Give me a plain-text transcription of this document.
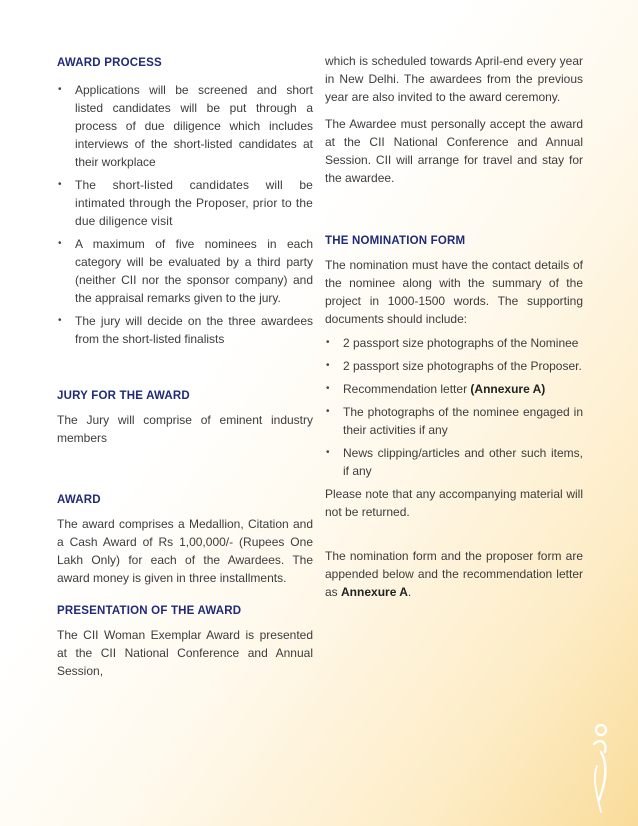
AWARD PROCESS
• Applications will be screened and short listed candidates will be put through a process of due diligence which includes interviews of the short-listed candidates at their workplace
• The short-listed candidates will be intimated through the Proposer, prior to the due diligence visit
• A maximum of five nominees in each category will be evaluated by a third party (neither CII nor the sponsor company) and the appraisal remarks given to the jury.
• The jury will decide on the three awardees from the short-listed finalists
JURY FOR THE AWARD

The Jury will comprise of eminent industry members

AWARD

The award comprises a Medallion, Citation and a Cash Award of Rs 1,00,000/- (Rupees One Lakh Only) for each of the Awardees. The award money is given in three installments.

PRESENTATION OF THE AWARD

The CII Woman Exemplar Award is presented at the CII National Conference and Annual Session,

which is scheduled towards April-end every year in New Delhi. The awardees from the previous year are also invited to the award ceremony.

The Awardee must personally accept the award at the CII National Conference and Annual Session. CII will arrange for travel and stay for the awardee.

THE NOMINATION FORM

The nomination must have the contact details of the nominee along with the summary of the project in 1000-1500 words. The supporting documents should include:

• 2 passport size photographs of the Nominee
• 2 passport size photographs of the Proposer.
• Recommendation letter (Annexure A)
• The photographs of the nominee engaged in their activities if any
• News clipping/articles and other such items, if any

Please note that any accompanying material will not be returned.

The nomination form and the proposer form are appended below and the recommendation letter as Annexure A.
